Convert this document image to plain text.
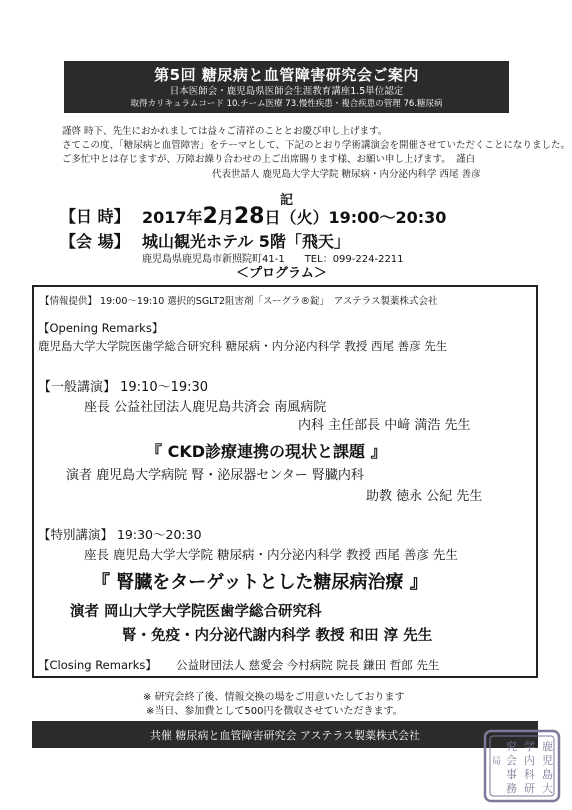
第5回 糖尿病と血管障害研究会ご案内
日本医師会・鹿児島県医師会生涯教育講座1.5単位認定
取得カリキュラムコード 10.チーム医療 73.慢性疾患・複合疾患の管理 76.糖尿病
謹啓 時下、先生におかれましては益々ご清祥のこととお慶び申し上げます。
さてこの度、「糖尿病と血管障害」をテーマとして、下記のとおり学術講演会を開催させていただくことになりました。
ご多忙中とは存じますが、万障お繰り合わせの上ご出席賜ります様、お願い申し上げます。 謹白
代表世話人 鹿児島大学大学院 糖尿病・内分泌内科学 西尾 善彦
記
【日 時】 2017年2月28日（火）19:00～20:30
【会 場】 城山観光ホテル 5階「飛天」
鹿児島県鹿児島市新照院町41-1　　TEL：099-224-2211
＜プログラム＞
【情報提供】 19:00～19:10 選択的SGLT2阻害剤「スーグラ®錠」　アステラス製薬株式会社
【Opening Remarks】
鹿児島大学大学院医歯学総合研究科 糖尿病・内分泌内科学 教授 西尾 善彦 先生
【一般講演】 19:10～19:30
座長 公益社団法人鹿児島共済会 南風病院
内科 主任部長 中﨑 満浩 先生
『 CKD診療連携の現状と課題 』
演者 鹿児島大学病院 腎・泌尿器センター 腎臓内科
助教 徳永 公紀 先生
【特別講演】 19:30～20:30
座長 鹿児島大学大学院 糖尿病・内分泌内科学 教授 西尾 善彦 先生
『 腎臓をターゲットとした糖尿病治療 』
演者 岡山大学大学院医歯学総合研究科
腎・免疫・内分泌代謝内科学 教授 和田 淳 先生
【Closing Remarks】 公益財団法人 慈愛会 今村病院 院長 鎌田 哲郎 先生
※ 研究会終了後、情報交換の場をご用意いたしております
※当日、参加費として500円を徴収させていただきます。
共催 糖尿病と血管障害研究会 アステラス製薬株式会社
鹿
児
島
大
学
内
科
研
究
会
事
務
局
